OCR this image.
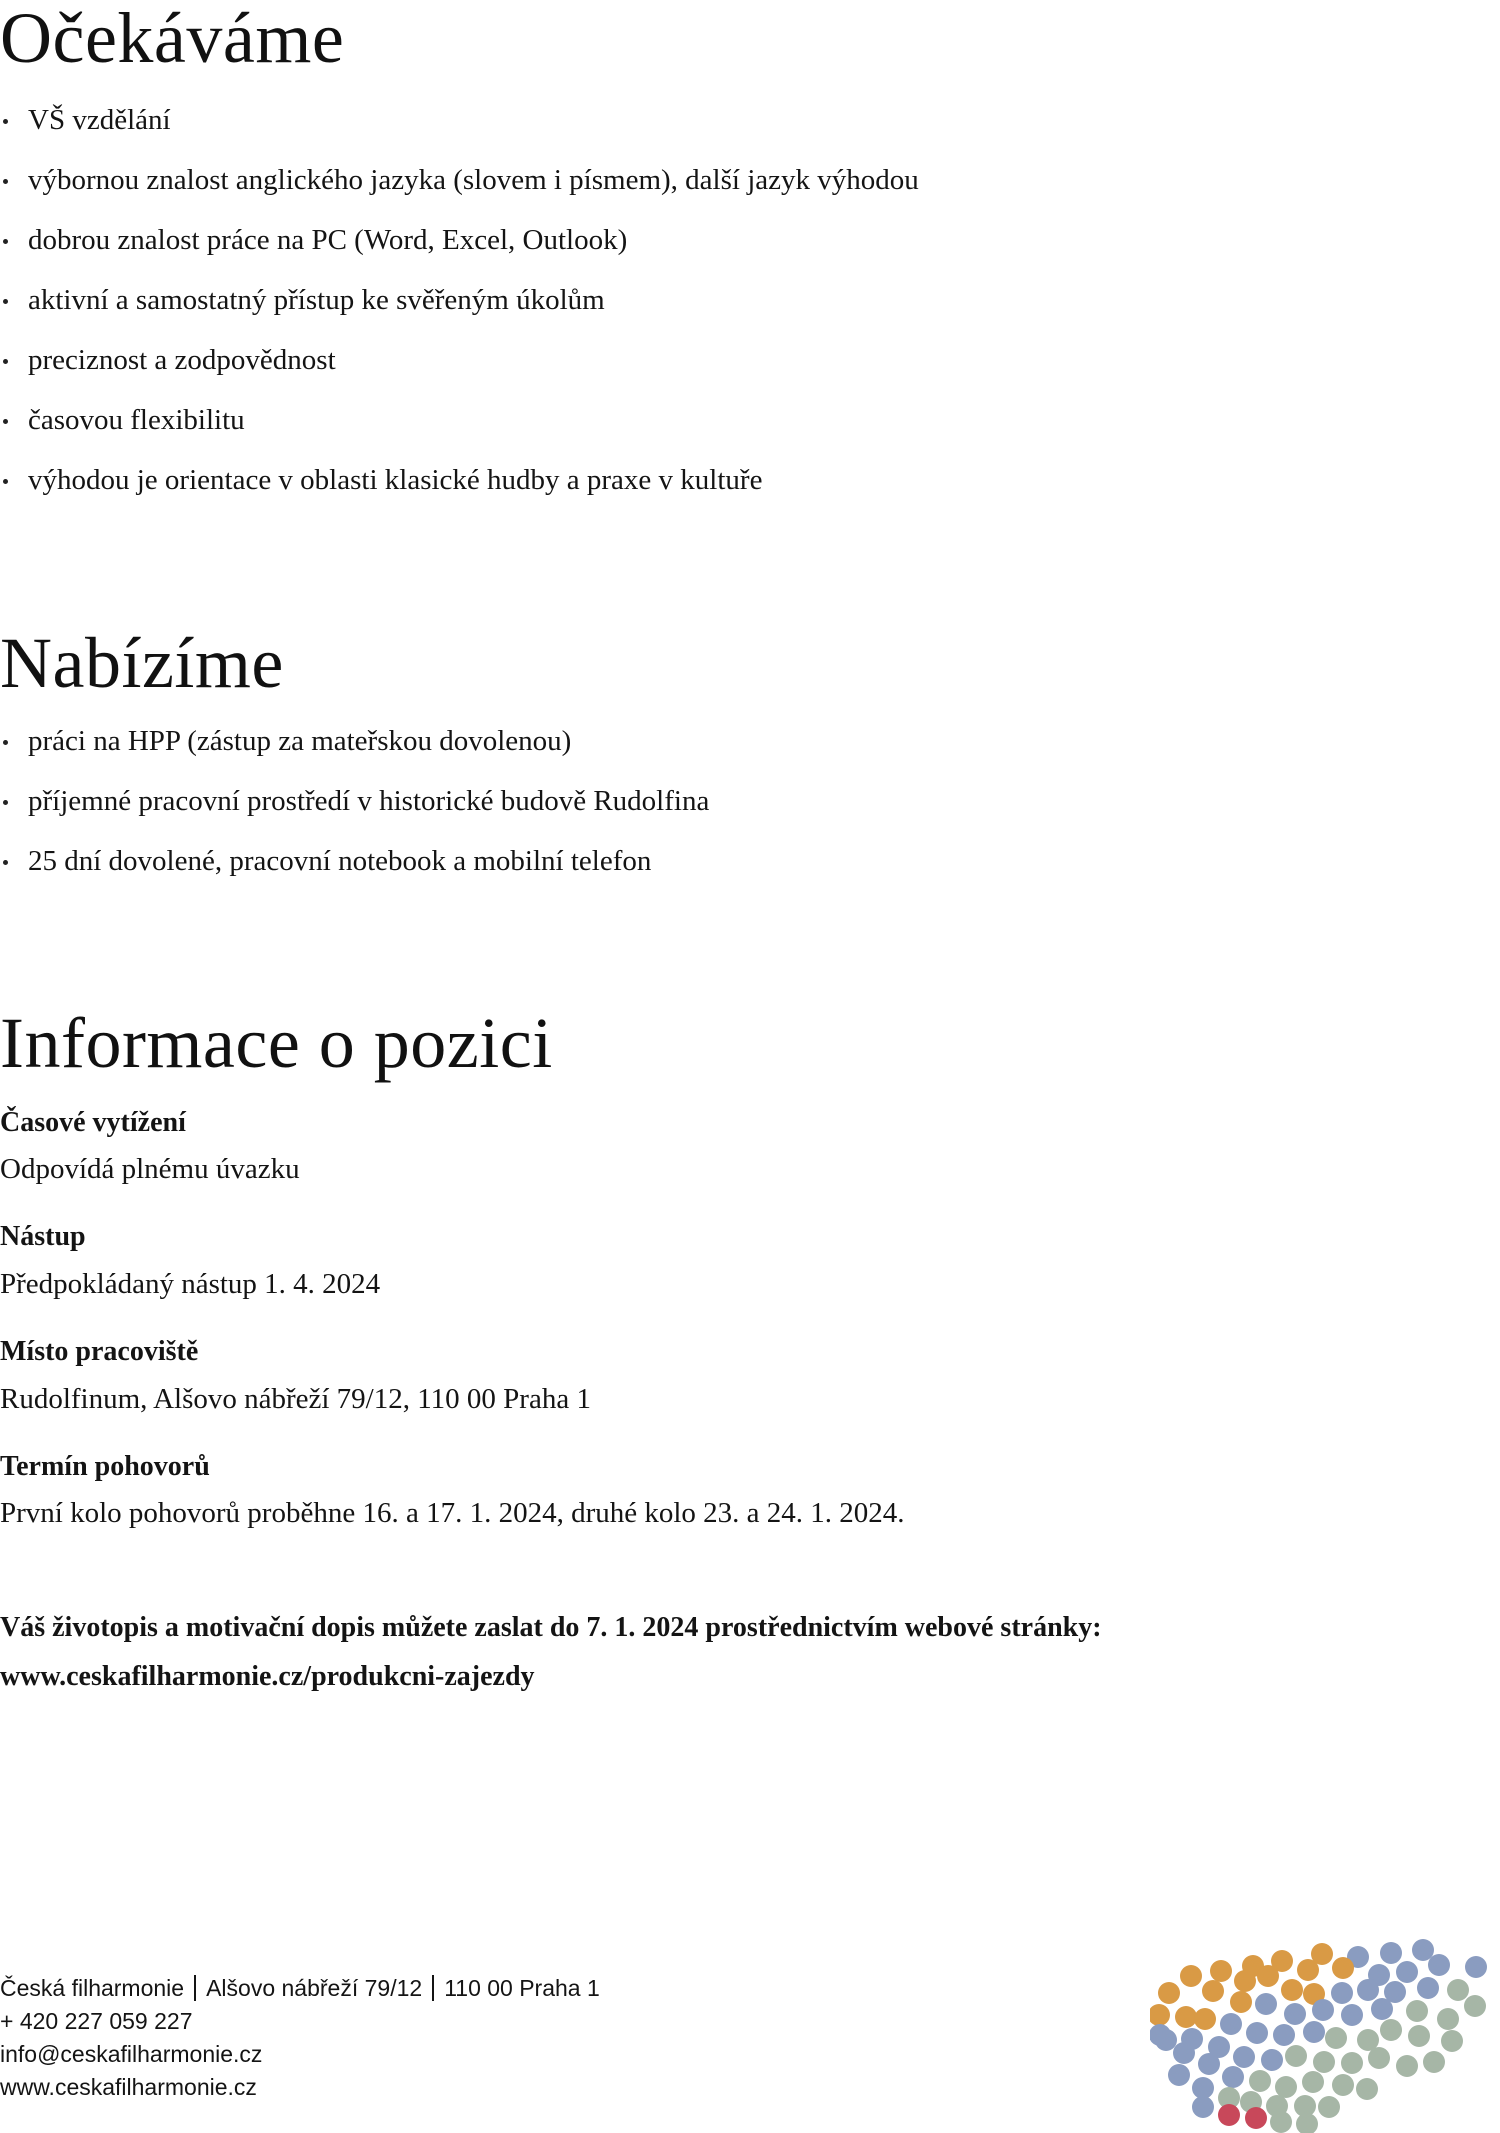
Očekáváme
VŠ vzdělání
výbornou znalost anglického jazyka (slovem i písmem), další jazyk výhodou
dobrou znalost práce na PC (Word, Excel, Outlook)
aktivní a samostatný přístup ke svěřeným úkolům
preciznost a zodpovědnost
časovou flexibilitu
výhodou je orientace v oblasti klasické hudby a praxe v kultuře
Nabízíme
práci na HPP (zástup za mateřskou dovolenou)
příjemné pracovní prostředí v historické budově Rudolfina
25 dní dovolené, pracovní notebook a mobilní telefon
Informace o pozici
Časové vytížení
Odpovídá plnému úvazku
Nástup
Předpokládaný nástup 1. 4. 2024
Místo pracoviště
Rudolfinum, Alšovo nábřeží 79/12, 110 00 Praha 1
Termín pohovorů
První kolo pohovorů proběhne 16. a 17. 1. 2024, druhé kolo 23. a 24. 1. 2024.
Váš životopis a motivační dopis můžete zaslat do 7. 1. 2024 prostřednictvím webové stránky:
www.ceskafilharmonie.cz/produkcni-zajezdy
Česká filharmonie Alšovo nábřeží 79/12 110 00 Praha 1
+ 420 227 059 227
info@ceskafilharmonie.cz
www.ceskafilharmonie.cz
